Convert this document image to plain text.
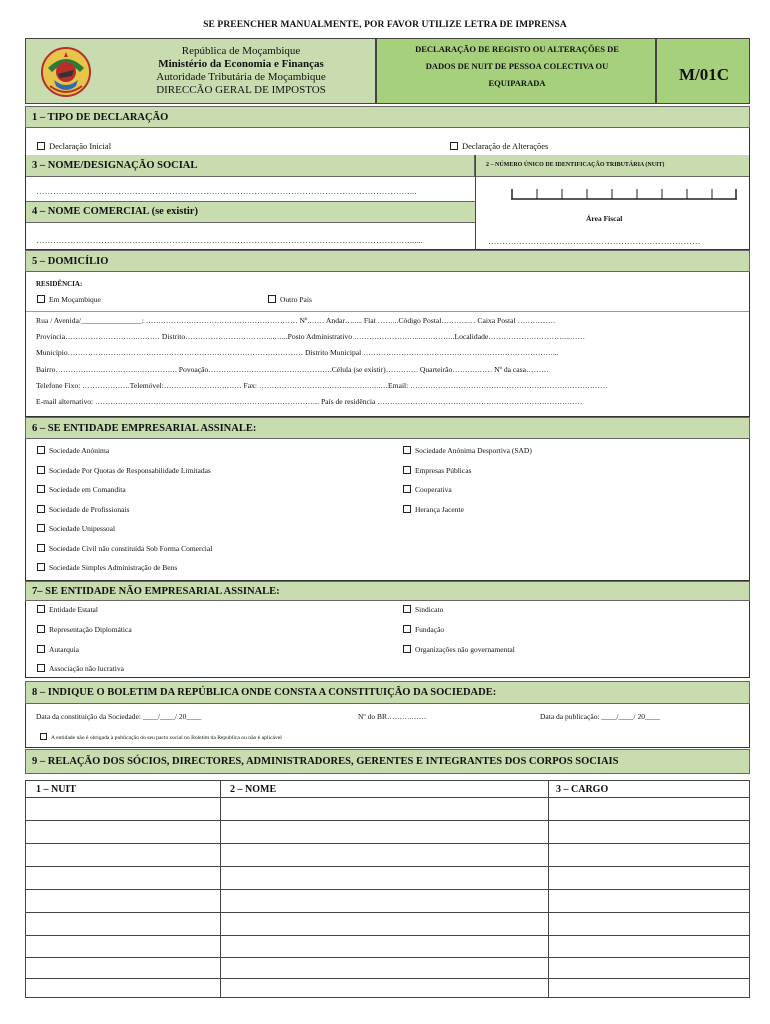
SE PREENCHER MANUALMENTE, POR FAVOR UTILIZE LETRA DE IMPRENSA
República de Moçambique
Ministério da Economia e Finanças
Autoridade Tributária de Moçambique
DIRECCÃO GERAL DE IMPOSTOS
DECLARAÇÃO DE REGISTO OU ALTERAÇÕES DE
DADOS DE NUIT DE PESSOA COLECTIVA OU
EQUIPARADA	M/01C
1 – TIPO DE DECLARAÇÃO
Declaração Inicial	Declaração de Alterações
3 – NOME/DESIGNAÇÃO SOCIAL
……………………………………………………………………………………………………………………...
2 – NÚMERO ÚNICO DE IDENTIFICAÇÃO TRIBUTÁRIA (NUIT)
Área Fiscal
…………………………………………………………………
4 – NOME COMERCIAL (se existir)
……………………………………………………………………………………………………………………......
5 – DOMICÍLIO
RESIDÊNCIA:
Em Moçambique	Outro País
Rua / Avenida/________________: …………………………………………………… Nº.…… Andar…..... Flat ……...Código Postal………..… Caixa Postal ………....…
Provincia………………………..……… Distrito……………………………...…...Posto Administrativo ……………………...…………..Localidade…………………………...……
Município………………………………………………………………………………… Distrito Municipal …………………………………………………………………...
Bairro……………….…………..……………. Povoação………………………………………….Célula (se existir)…………. Quarteirão……….…… Nº da casa………
Telefone Fixo: ……………….Telemóvel:…………………….…… Fax: ……………………….……....…….…..…Email: ……………………………………………………………………
E-mail alternativo: …………………………………………………………………………….. País de residência ………………………………………………………………………
6 – SE ENTIDADE EMPRESARIAL ASSINALE:
Sociedade Anónima
Sociedade Por Quotas de Responsabilidade Limitadas
Sociedade em Comandita
Sociedade de Profissionais
Sociedade Unipessoal
Sociedade Civil não constituída Sob Forma Comercial
Sociedade Simples Administração de Bens
Sociedade Anónima Desportiva (SAD)
Empresas Públicas
Cooperativa
Herança Jacente
7– SE ENTIDADE NÃO EMPRESARIAL ASSINALE:
Entidade Estatal
Representação Diplomática
Autarquia
Associação não lucrativa
Sindicato
Fundação
Organizações não governamental
8 – INDIQUE O BOLETIM DA REPÚBLICA ONDE CONSTA A CONSTITUIÇÃO DA SOCIEDADE:
Data da constituição da Sociedade: ____/____/ 20____	Nº do BR……….……	Data da publicação: ____/____/ 20____
A entidade não é obrigada à publicação do seu pacto social no Boletim da Republica ou não é aplicável
9 – RELAÇÃO DOS SÓCIOS, DIRECTORES, ADMINISTRADORES, GERENTES E INTEGRANTES DOS CORPOS SOCIAIS
1 – NUIT	2 – NOME	3 – CARGO
